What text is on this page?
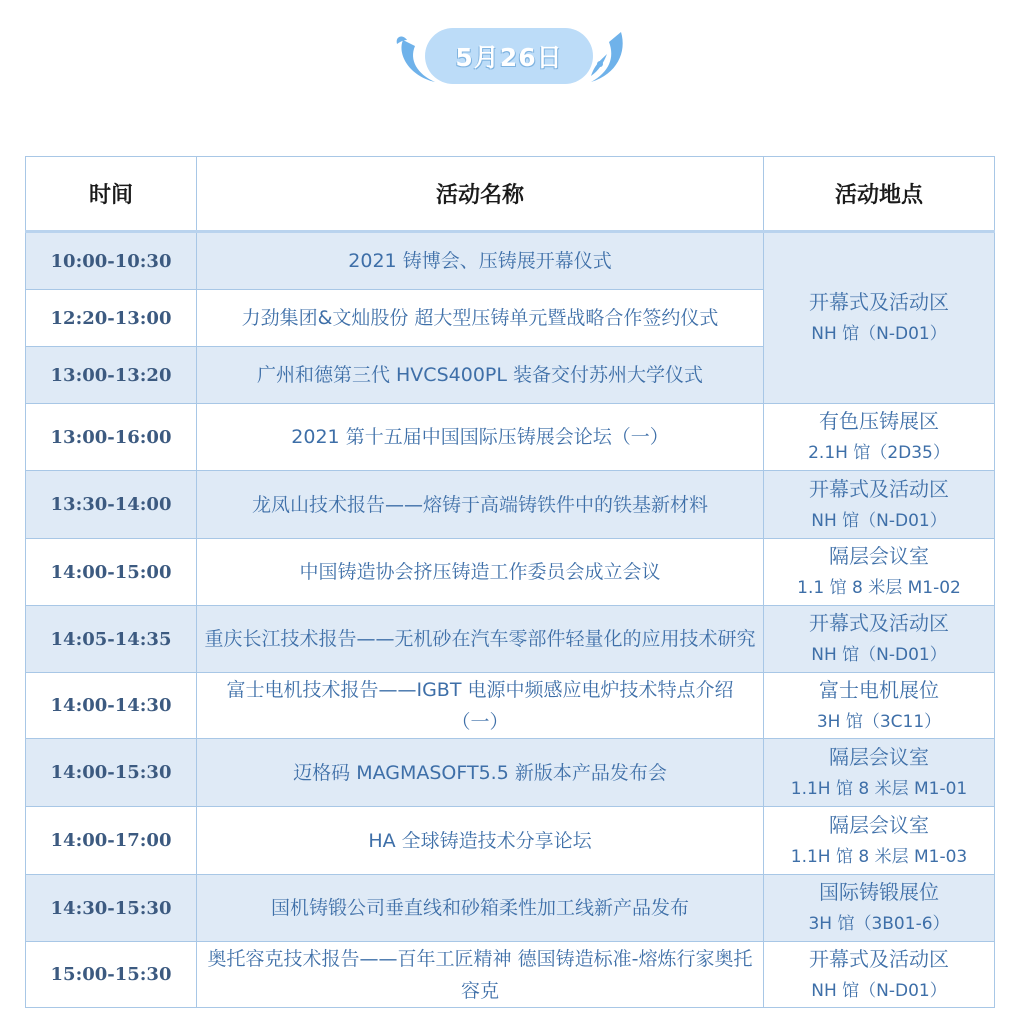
5月26日
时间	活动名称	活动地点
10:00-10:30	2021 铸博会、压铸展开幕仪式	开幕式及活动区
NH 馆（N-D01）

12:20-13:00	力劲集团&文灿股份 超大型压铸单元暨战略合作签约仪式	
13:00-13:20	广州和德第三代 HVCS400PL 装备交付苏州大学仪式	
13:00-16:00	2021 第十五届中国国际压铸展会论坛（一）	有色压铸展区
2.1H 馆（2D35）

13:30-14:00	龙凤山技术报告——熔铸于高端铸铁件中的铁基新材料	开幕式及活动区
NH 馆（N-D01）

14:00-15:00	中国铸造协会挤压铸造工作委员会成立会议	隔层会议室
1.1 馆 8 米层 M1-02

14:05-14:35	重庆长江技术报告——无机砂在汽车零部件轻量化的应用技术研究	开幕式及活动区
NH 馆（N-D01）

14:00-14:30	富士电机技术报告——IGBT 电源中频感应电炉技术特点介绍（一）	富士电机展位
3H 馆（3C11）

14:00-15:30	迈格码 MAGMASOFT5.5 新版本产品发布会	隔层会议室
1.1H 馆 8 米层 M1-01

14:00-17:00	HA 全球铸造技术分享论坛	隔层会议室
1.1H 馆 8 米层 M1-03

14:30-15:30	国机铸锻公司垂直线和砂箱柔性加工线新产品发布	国际铸锻展位
3H 馆（3B01-6）

15:00-15:30	奥托容克技术报告——百年工匠精神 德国铸造标准-熔炼行家奥托容克	开幕式及活动区
NH 馆（N-D01）
